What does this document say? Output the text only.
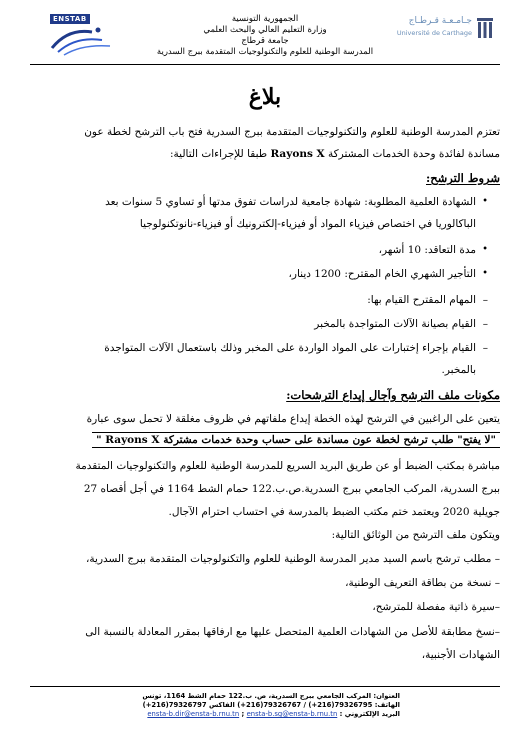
ENSTAB	جـامـعـة قـرطـاج
Université de Carthage
الجمهورية التونسية
وزارة التعليم العالي والبحث العلمي
جامعة قرطاج
المدرسة الوطنية للعلوم والتكنولوجيات المتقدمة ببرج السدرية
بلاغ
تعتزم المدرسة الوطنية للعلوم والتكنولوجيات المتقدمة ببرج السدرية فتح باب الترشح لخطة عون
مساندة لفائدة وحدة الخدمات المشتركة Rayons X طبقا للإجراءات التالية:
شروط الترشح:
• الشهادة العلمية المطلوبة: شهادة جامعية لدراسات تفوق مدتها أو تساوي 5 سنوات بعد
الباكالوريا في اختصاص فيزياء المواد أو فيزياء-إلكترونيك أو فيزياء-نانوتكنولوجيا
• مدة التعاقد: 10 أشهر،
• التأجير الشهري الخام المقترح: 1200 دينار،
– المهام المقترح القيام بها:
– القيام بصيانة الآلات المتواجدة بالمخبر
– القيام بإجراء إختبارات على المواد الواردة على المخبر وذلك باستعمال الآلات المتواجدة
بالمخبر.
مكونات ملف الترشح وآجال إيداع الترشحات:
يتعين على الراغبين في الترشح لهذه الخطة إيداع ملفاتهم في ظروف مغلقة لا تحمل سوى عبارة
"لا يفتح" طلب ترشح لخطة عون مساندة على حساب وحدة خدمات مشتركة Rayons X "
مباشرة بمكتب الضبط أو عن طريق البريد السريع للمدرسة الوطنية للعلوم والتكنولوجيات المتقدمة
ببرج السدرية، المركب الجامعي ببرج السدرية.ص.ب.122 حمام الشط 1164 في أجل أقصاه 27
جويلية 2020 ويعتمد ختم مكتب الضبط بالمدرسة في احتساب احترام الآجال.
ويتكون ملف الترشح من الوثائق التالية:
– مطلب ترشح باسم السيد مدير المدرسة الوطنية للعلوم والتكنولوجيات المتقدمة ببرج السدرية،
– نسخة من بطاقة التعريف الوطنية،
–سيرة ذاتية مفصلة للمترشح،
–نسخ مطابقة للأصل من الشهادات العلمية المتحصل عليها مع ارفاقها بمقرر المعادلة بالنسبة الى
الشهادات الأجنبية،
العنوان: المركب الجامعي ببرج السدرية، ص. ب.122 حمام الشط 1164، تونس
الهاتف: 79326795(216+) / 79326767(216+) الفاكس 79326797(216+)
البريد الإلكتروني : ensta-b.dir@ensta-b.rnu.tn ; ensta-b.sg@ensta-b.rnu.tn
